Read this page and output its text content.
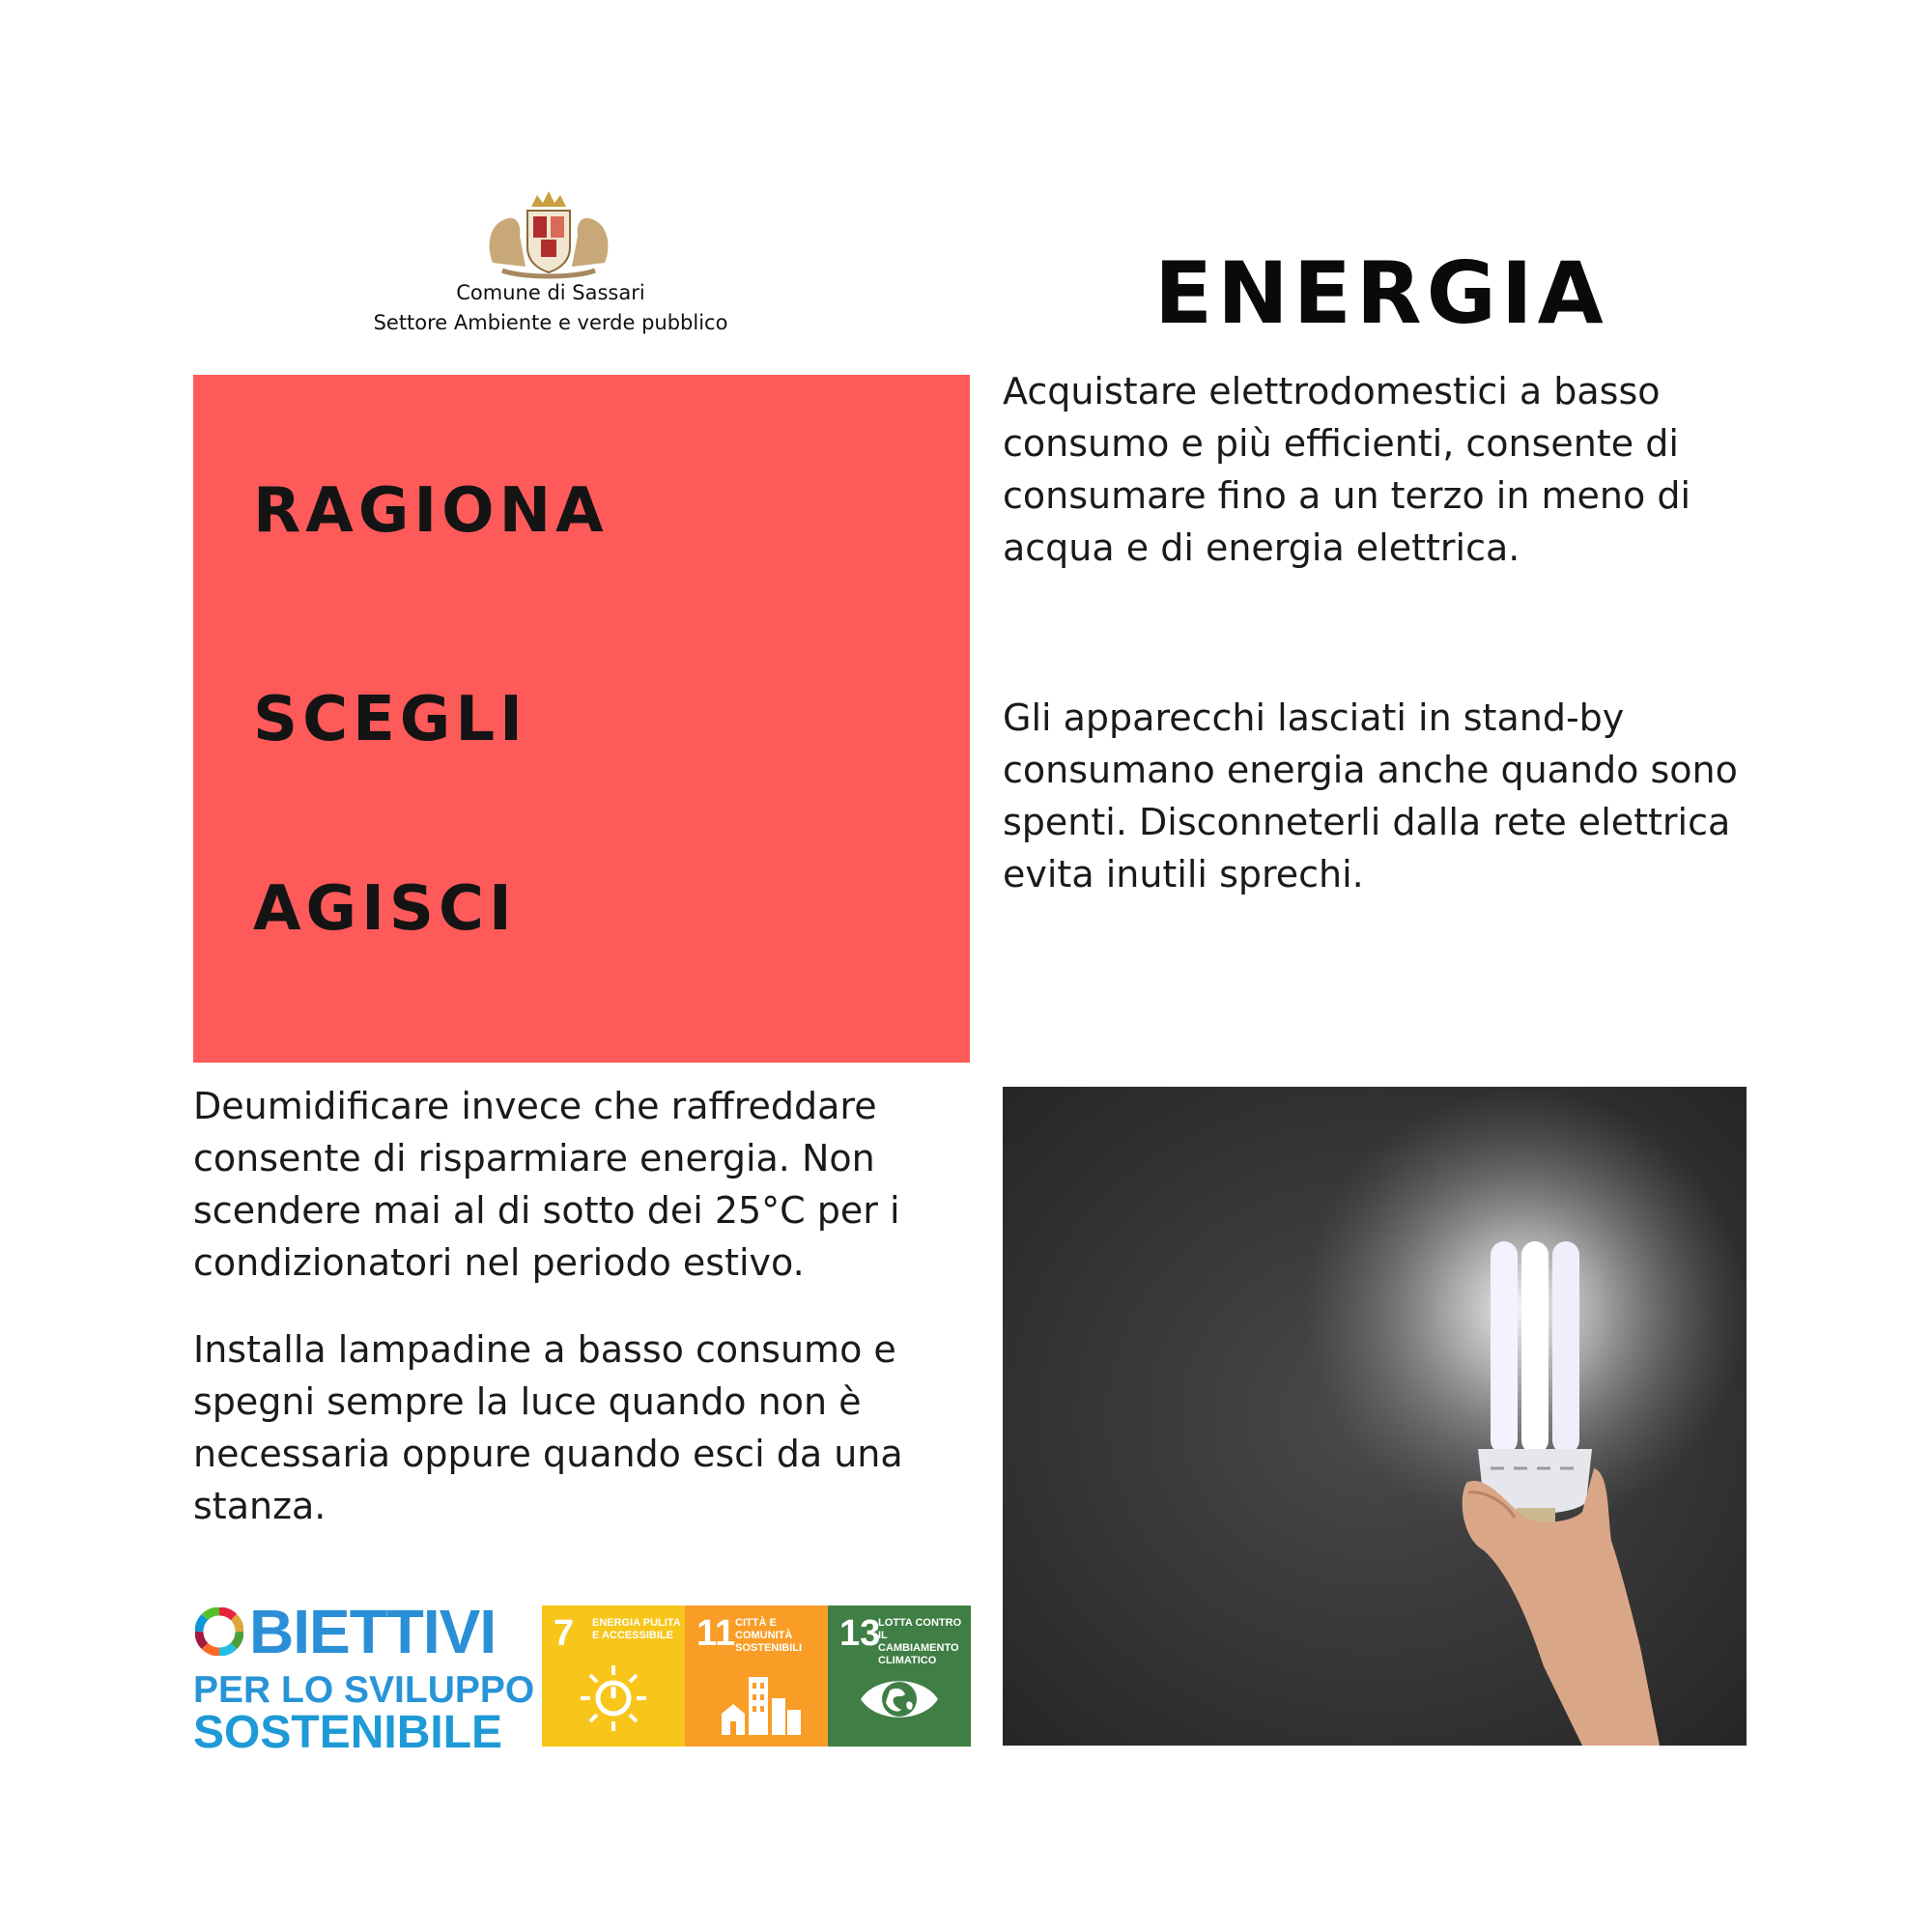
Comune di Sassari
Settore Ambiente e verde pubblico	ENERGIA
RAGIONA
SCEGLI
AGISCI
Acquistare elettrodomestici a basso consumo e più efficienti, consente di consumare fino a un terzo in meno di acqua e di energia elettrica.
Gli apparecchi lasciati in stand-by consumano energia anche quando sono spenti. Disconneterli dalla rete elettrica evita inutili sprechi.
Deumidificare invece che raffreddare consente di risparmiare energia. Non scendere mai al di sotto dei 25°C per i condizionatori nel periodo estivo.
Installa lampadine a basso consumo e spegni sempre la luce quando non è necessaria oppure quando esci da una stanza.
BIETTIVI
PER LO SVILUPPO
SOSTENIBILE
7 ENERGIA PULITA E ACCESSIBILE 11 CITTÀ E COMUNITÀ SOSTENIBILI	13
LOTTA CONTRO IL CAMBIAMENTO CLIMATICO
